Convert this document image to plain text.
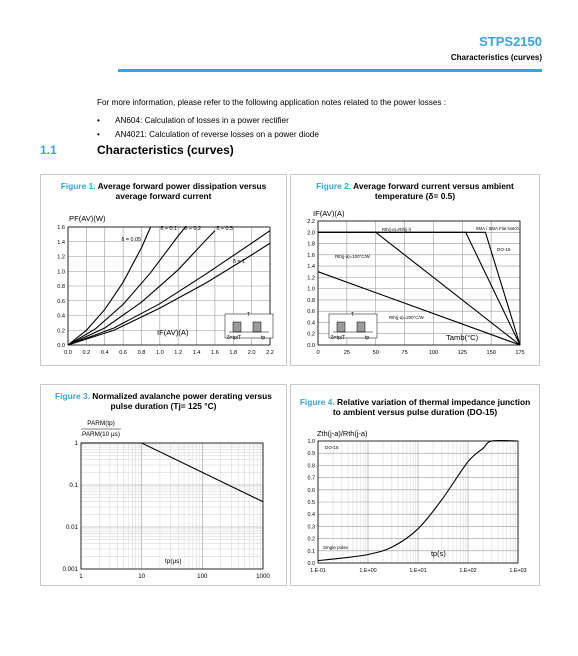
STPS2150
Characteristics (curves)
For more information, please refer to the following application notes related to the power losses :
• AN604: Calculation of losses in a power rectifier
• AN4021: Calculation of reverse losses on a power diode
1.1	Characteristics (curves)
Figure 1. Average forward power dissipation versus
average forward current
0.0 0.2 0.4 0.6 0.8 1.0 1.2 1.4 1.6 1.8 2.0 2.2
0.0
0.2
0.4
0.6
0.8
1.0
1.2
1.4
1.6
PF(AV)(W)
IF(AV)(A)
δ=tp/T
T
tp
δ = 0.05
δ = 0.1 δ = 0.2	δ = 0.5
δ = 1
Figure 2. Average forward current versus ambient
temperature (δ= 0.5)
0	25	50	75	100	125	150	175
0.0
0.2
0.4
0.6
0.8
1.0
1.2
1.4
1.6
1.8
2.0
2.2
IF(AV)(A)
Tamb(°C)
δ=tp/T
T
tp
Rth(j-a)=Rth(j-l)	SMA / SMA Flat Notch
DO-15
Rth(j-a)=100°C/W
Rth(j-a)=200°C/W
Figure 3. Normalized avalanche power derating versus
pulse duration (Tj= 125 °C)
1	10	100	1000
0.001
0.01
0.1
1
PARM(tp)
PARM(10 µs)
tp(µs)
Figure 4. Relative variation of thermal impedance junction
to ambient versus pulse duration (DO-15)
1.E-01	1.E+00	1.E+01	1.E+02	1.E+03
0.0
0.1
0.2
0.3
0.4
0.5
0.6
0.7
0.8
0.9
1.0
Zth(j-a)/Rth(j-a)
tp(s)
DO-15
Single pulse
